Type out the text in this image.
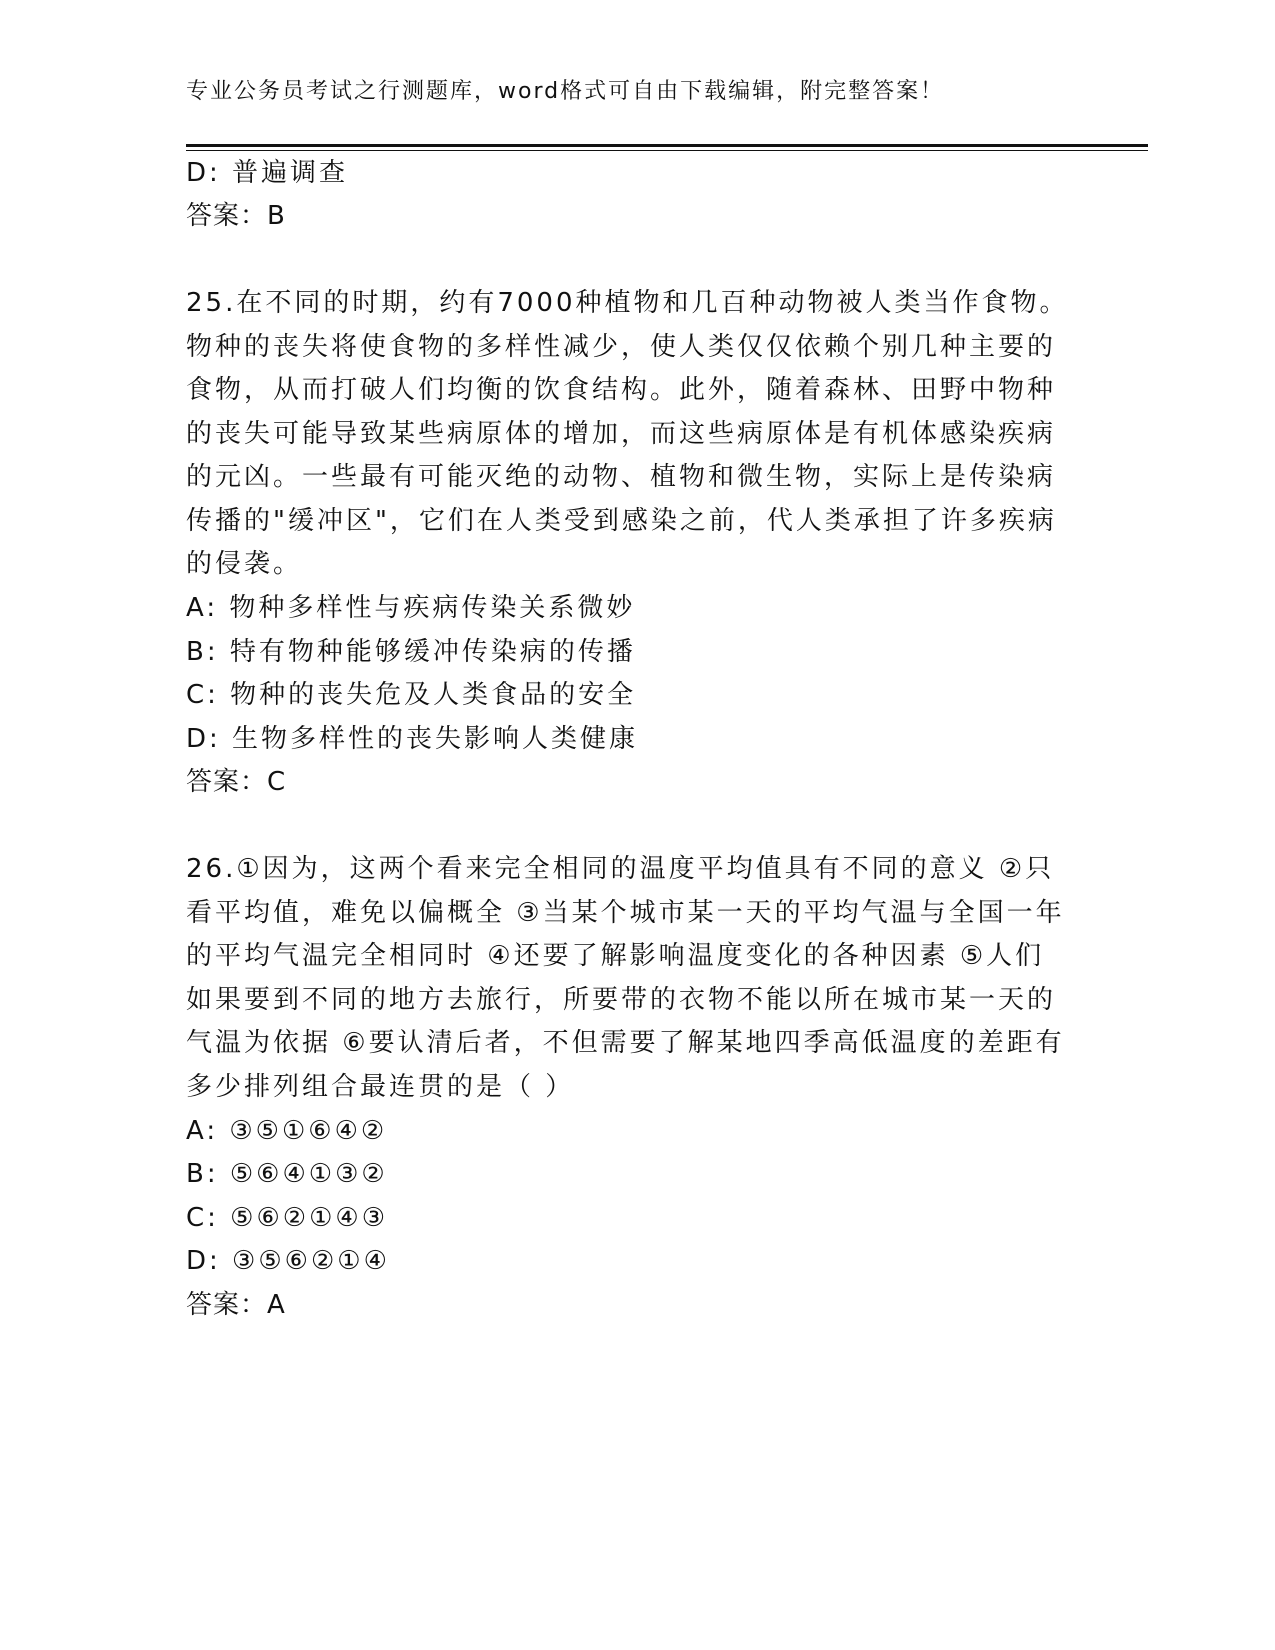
专业公务员考试之行测题库，word格式可自由下载编辑，附完整答案！
D: 普遍调查
答案：B
25.在不同的时期，约有7000种植物和几百种动物被人类当作食物。
物种的丧失将使食物的多样性减少，使人类仅仅依赖个别几种主要的
食物，从而打破人们均衡的饮食结构。此外，随着森林、田野中物种
的丧失可能导致某些病原体的增加，而这些病原体是有机体感染疾病
的元凶。一些最有可能灭绝的动物、植物和微生物，实际上是传染病
传播的"缓冲区"，它们在人类受到感染之前，代人类承担了许多疾病
的侵袭。
A: 物种多样性与疾病传染关系微妙
B: 特有物种能够缓冲传染病的传播
C: 物种的丧失危及人类食品的安全
D: 生物多样性的丧失影响人类健康
答案：C
26.①因为，这两个看来完全相同的温度平均值具有不同的意义 ②只
看平均值，难免以偏概全 ③当某个城市某一天的平均气温与全国一年
的平均气温完全相同时 ④还要了解影响温度变化的各种因素 ⑤人们
如果要到不同的地方去旅行，所要带的衣物不能以所在城市某一天的
气温为依据 ⑥要认清后者，不但需要了解某地四季高低温度的差距有
多少排列组合最连贯的是（ ）
A: ③⑤①⑥④②
B: ⑤⑥④①③②
C: ⑤⑥②①④③
D: ③⑤⑥②①④
答案：A
